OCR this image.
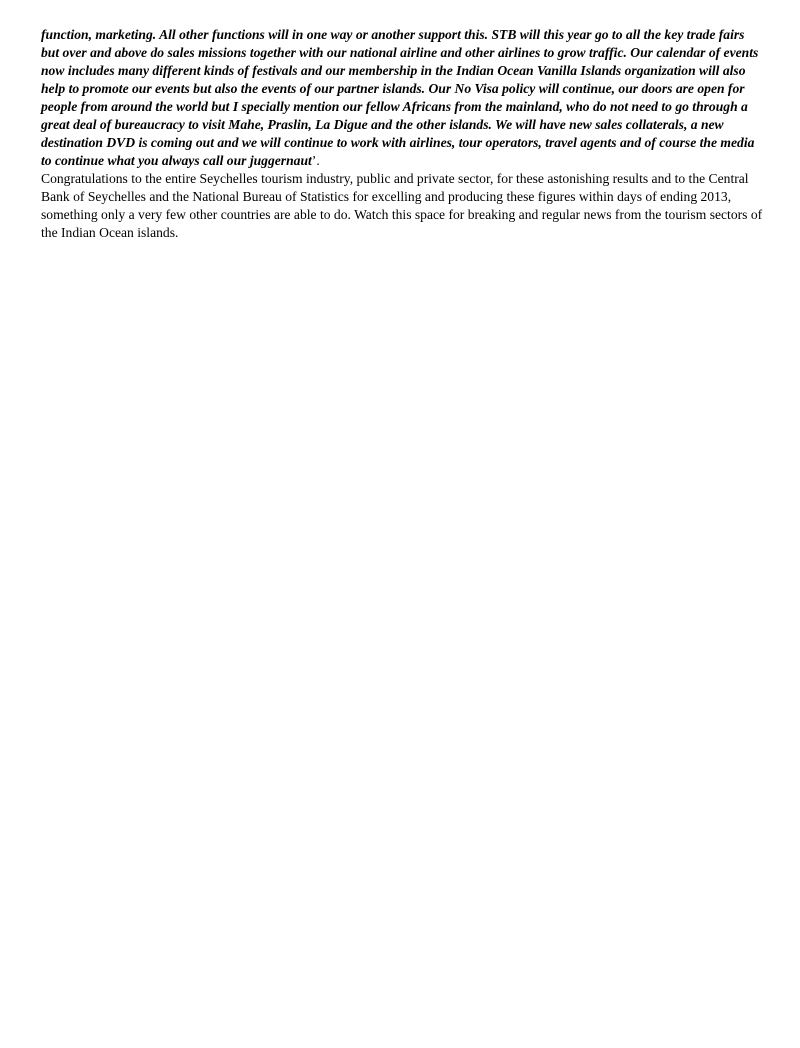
function, marketing. All other functions will in one way or another support this. STB will this year go to all the key trade fairs but over and above do sales missions together with our national airline and other airlines to grow traffic. Our calendar of events now includes many different kinds of festivals and our membership in the Indian Ocean Vanilla Islands organization will also help to promote our events but also the events of our partner islands. Our No Visa policy will continue, our doors are open for people from around the world but I specially mention our fellow Africans from the mainland, who do not need to go through a great deal of bureaucracy to visit Mahe, Praslin, La Digue and the other islands. We will have new sales collaterals, a new destination DVD is coming out and we will continue to work with airlines, tour operators, travel agents and of course the media to continue what you always call our juggernaut’.

Congratulations to the entire Seychelles tourism industry, public and private sector, for these astonishing results and to the Central Bank of Seychelles and the National Bureau of Statistics for excelling and producing these figures within days of ending 2013, something only a very few other countries are able to do. Watch this space for breaking and regular news from the tourism sectors of the Indian Ocean islands.
